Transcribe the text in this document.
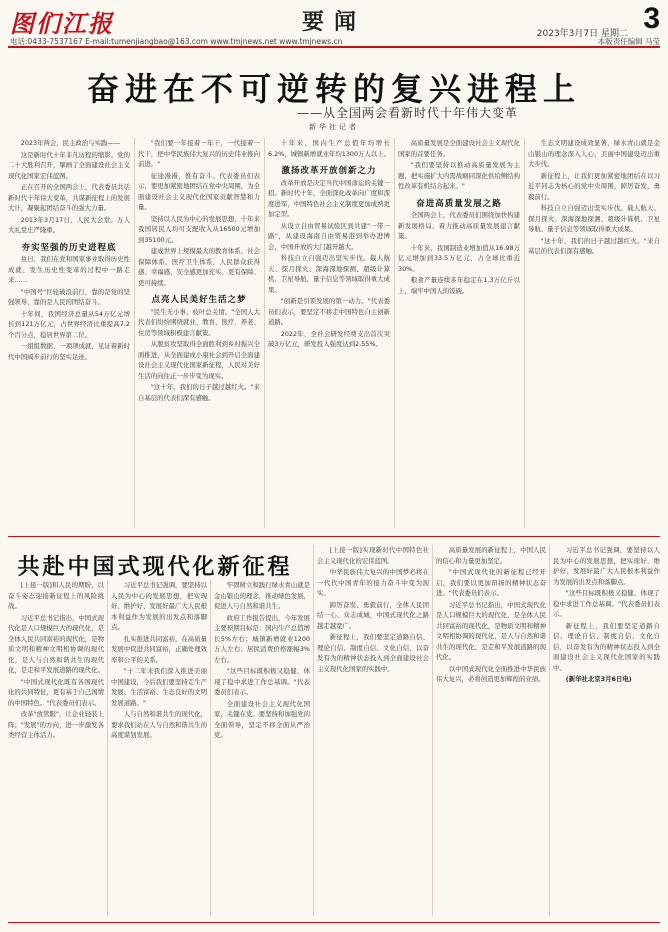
图们江报	要闻	2023年3月7日 星期二 3
电话:0433-7537167 E-mail:tumenjiangbao@163.com www.tmjnews.net www.tmjnews.cn	本版责任编辑 马莹
奋进在不可逆转的复兴进程上
——从全国两会看新时代十年伟大变革
新华社记者

2023年两会，民主政治与实践——

这是新时代十年非凡历程的缩影。党的二十大胜利召开，擘画了全面建设社会主义现代化国家宏伟蓝图。

正在召开的全国两会上，代表委员共话新时代十年伟大变革，共谋新征程上的发展大计，凝聚起团结奋斗的强大力量。

2013年3月17日，人民大会堂。万人大礼堂庄严隆重。

夯实坚强的历史进程底

鱼日，我们在党和国家事业取得历史性成就、发生历史性变革的过程中一路走来……

"中国号"巨轮破浪前行，靠的是党的坚强领导、靠的是人民的团结奋斗。

十年间，我国经济总量从54万亿元增长到121万亿元，占世界经济比重提高7.2个百分点，稳居世界第二位。

一组组数据、一项项成就，见证着新时代中国阔步前行的坚实足迹。

"我们要一年接着一年干，一代接着一代干，把中华民族伟大复兴的历史伟业推向前进。"

征途漫漫，惟有奋斗。代表委员们表示，要更加紧密地团结在党中央周围，为全面建设社会主义现代化国家贡献智慧和力量。

坚持以人民为中心的发展思想，十年来我国居民人均可支配收入从16500元增加到35100元。

建成世界上规模最大的教育体系、社会保障体系、医疗卫生体系，人民群众获得感、幸福感、安全感更加充实、更有保障、更可持续。

点亮人民美好生活之梦

"民生无小事，枝叶总关情。"全国人大代表们纷纷围绕就业、教育、医疗、养老、住房等领域积极建言献策。

从脱贫攻坚取得全面胜利到乡村振兴全面推进，从全面建成小康社会到开启全面建设社会主义现代化国家新征程，人民对美好生活的向往正一步步变为现实。

"这十年，我们的日子越过越红火。"来自基层的代表们深有感触。

十年来，国内生产总值年均增长6.2%，城镇新增就业年均1300万人以上。

激扬改革开放创新之力

改革开放是决定当代中国命运的关键一招。新时代十年，全面深化改革向广度和深度进军，中国特色社会主义制度更加成熟更加定型。

从设立自由贸易试验区到共建"一带一路"，从建设海南自由贸易港到举办进博会，中国开放的大门越开越大。

科技自立自强迈出坚实步伐。载人航天、探月探火、深海深地探测、超级计算机、卫星导航、量子信息等领域取得重大成果。

"创新是引领发展的第一动力。"代表委员们表示，要坚定不移走中国特色自主创新道路。

2022年，全社会研发经费支出首次突破3万亿元，研发投入强度达到2.55%。

高质量发展是全面建设社会主义现代化国家的首要任务。

"我们要坚持以推动高质量发展为主题，把实施扩大内需战略同深化供给侧结构性改革有机结合起来。"

奋进高质量发展之路

全国两会上，代表委员们围绕加快构建新发展格局、着力推动高质量发展建言献策。

十年来，我国制造业增加值从16.98万亿元增加到33.5万亿元，占全球比重近30%。

粮食产量连续多年稳定在1.3万亿斤以上，端牢中国人的饭碗。

生态文明建设成效显著，绿水青山就是金山银山的理念深入人心，美丽中国建设迈出重大步伐。

新征程上，让我们更加紧密地团结在以习近平同志为核心的党中央周围，踔厉奋发、勇毅前行。

科技自立自强迈出坚实步伐。载人航天、探月探火、深海深地探测、超级计算机、卫星导航、量子信息等领域取得重大成果。

"这十年，我们的日子越过越红火。"来自基层的代表们深有感触。

共赴中国式现代化新征程

[上接一版]和人民的期盼，以奋斗姿态迎接新征程上的风险挑战。

习近平总书记指出，中国式现代化是人口规模巨大的现代化，是全体人民共同富裕的现代化，是物质文明和精神文明相协调的现代化，是人与自然和谐共生的现代化，是走和平发展道路的现代化。

"中国式现代化既有各国现代化的共同特征，更有基于自己国情的中国特色。"代表委员们表示。

改革"放管服"，让企业轻装上阵；"发展"的方向，进一步激发各类经营主体活力。

习近平总书记强调，要坚持以人民为中心的发展思想，把实现好、维护好、发展好最广大人民根本利益作为发展的出发点和落脚点。

扎实推进共同富裕，在高质量发展中促进共同富裕，正确处理效率和公平的关系。

"十二年来我们深入推进美丽中国建设，今后我们要坚持走生产发展、生活富裕、生态良好的文明发展道路。"

人与自然和谐共生的现代化，要求我们站在人与自然和谐共生的高度谋划发展。

牢固树立和践行绿水青山就是金山银山的理念，推动绿色发展，促进人与自然和谐共生。

政府工作报告提出，今年发展主要预期目标是：国内生产总值增长5%左右；城镇新增就业1200万人左右；居民消费价格涨幅3%左右。

"这些目标既积极又稳健，体现了稳中求进工作总基调。"代表委员们表示。

全面建设社会主义现代化国家，关键在党。要坚持和加强党的全面领导，坚定不移全面从严治党。

[上接一版]实现新时代中国特色社会主义现代化的宏伟蓝图。

中华民族伟大复兴的中国梦必将在一代代中国青年的接力奋斗中变为现实。

踔厉奋发、勇毅前行，全体人民团结一心、众志成城，中国式现代化之路越走越宽广。

新征程上，我们要坚定道路自信、理论自信、制度自信、文化自信，以奋发有为的精神状态投入到全面建设社会主义现代化国家的实践中。

高质量发展的新征程上，中国人民的信心和力量更加坚定。

"中国式现代化的新征程已经开启，我们要以更加昂扬的精神状态奋进。"代表委员们表示。

习近平总书记指出，中国式现代化是人口规模巨大的现代化，是全体人民共同富裕的现代化，是物质文明和精神文明相协调的现代化，是人与自然和谐共生的现代化，是走和平发展道路的现代化。

以中国式现代化全面推进中华民族伟大复兴，必将创造更加辉煌的业绩。

习近平总书记强调，要坚持以人民为中心的发展思想，把实现好、维护好、发展好最广大人民根本利益作为发展的出发点和落脚点。

"这些目标既积极又稳健，体现了稳中求进工作总基调。"代表委员们表示。

新征程上，我们要坚定道路自信、理论自信、制度自信、文化自信，以奋发有为的精神状态投入到全面建设社会主义现代化国家的实践中。

(新华社北京3月6日电)
